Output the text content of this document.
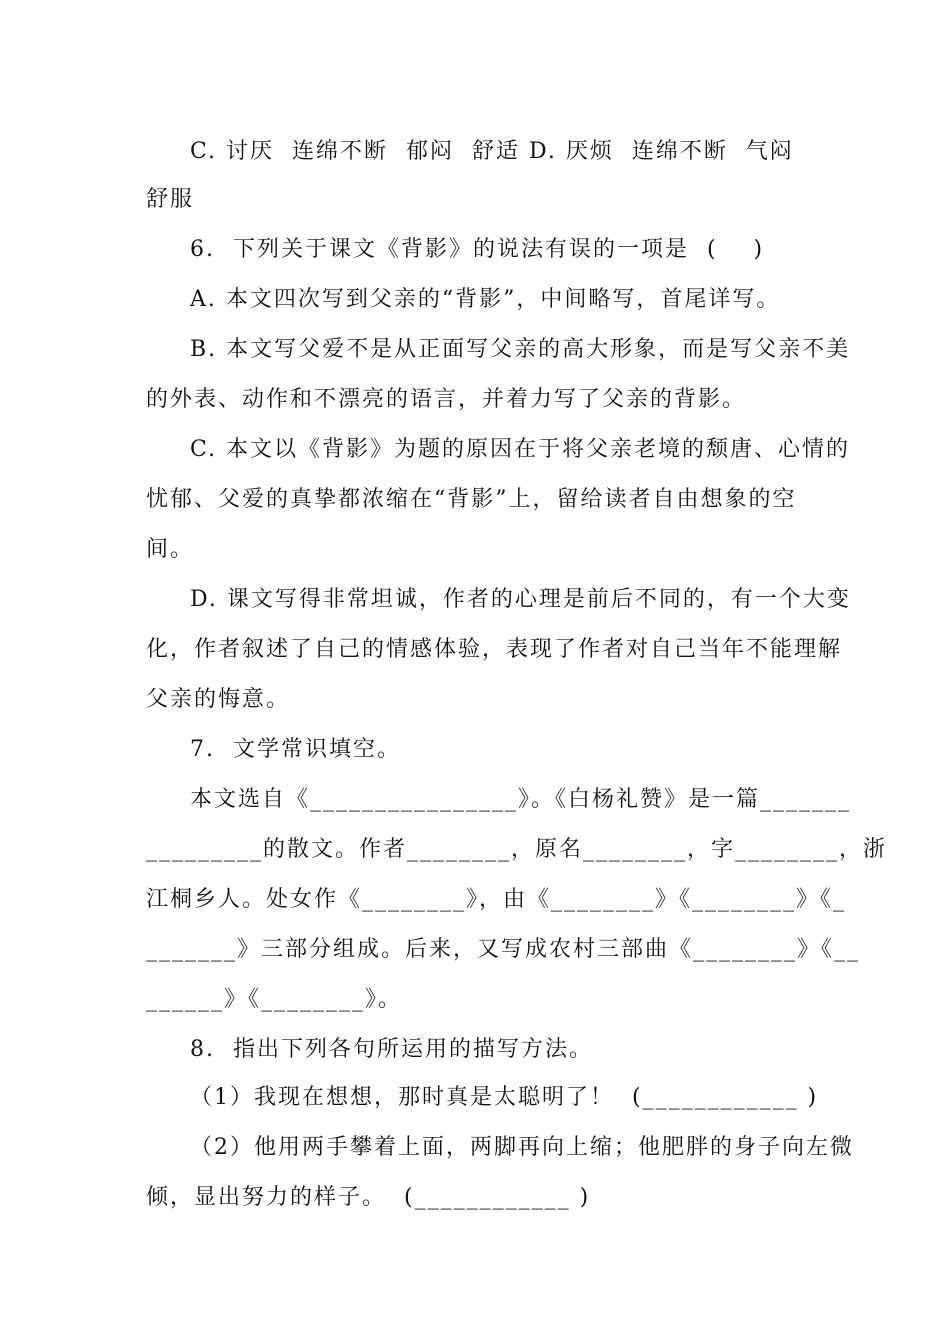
C. 讨厌  连绵不断  郁闷  舒适 D. 厌烦  连绵不断  气闷
舒服
6.  下列关于课文《背影》的说法有误的一项是  (    )
A. 本文四次写到父亲的“背影”，中间略写，首尾详写。
B. 本文写父爱不是从正面写父亲的高大形象，而是写父亲不美
的外表、动作和不漂亮的语言，并着力写了父亲的背影。
C. 本文以《背影》为题的原因在于将父亲老境的颓唐、心情的
忧郁、父爱的真挚都浓缩在“背影”上，留给读者自由想象的空
间。
D. 课文写得非常坦诚，作者的心理是前后不同的，有一个大变
化，作者叙述了自己的情感体验，表现了作者对自己当年不能理解
父亲的悔意。
7.  文学常识填空。
本文选自《________________》。《白杨礼赞》是一篇_______
_________的散文。作者________，原名________，字________，浙
江桐乡人。处女作《________》，由《________》《________》《_
_______》三部分组成。后来，又写成农村三部曲《________》《__
______》《________》。
8.  指出下列各句所运用的描写方法。
（1）我现在想想，那时真是太聪明了！  (____________ )
（2）他用两手攀着上面，两脚再向上缩；他肥胖的身子向左微
倾，显出努力的样子。  (____________ )
